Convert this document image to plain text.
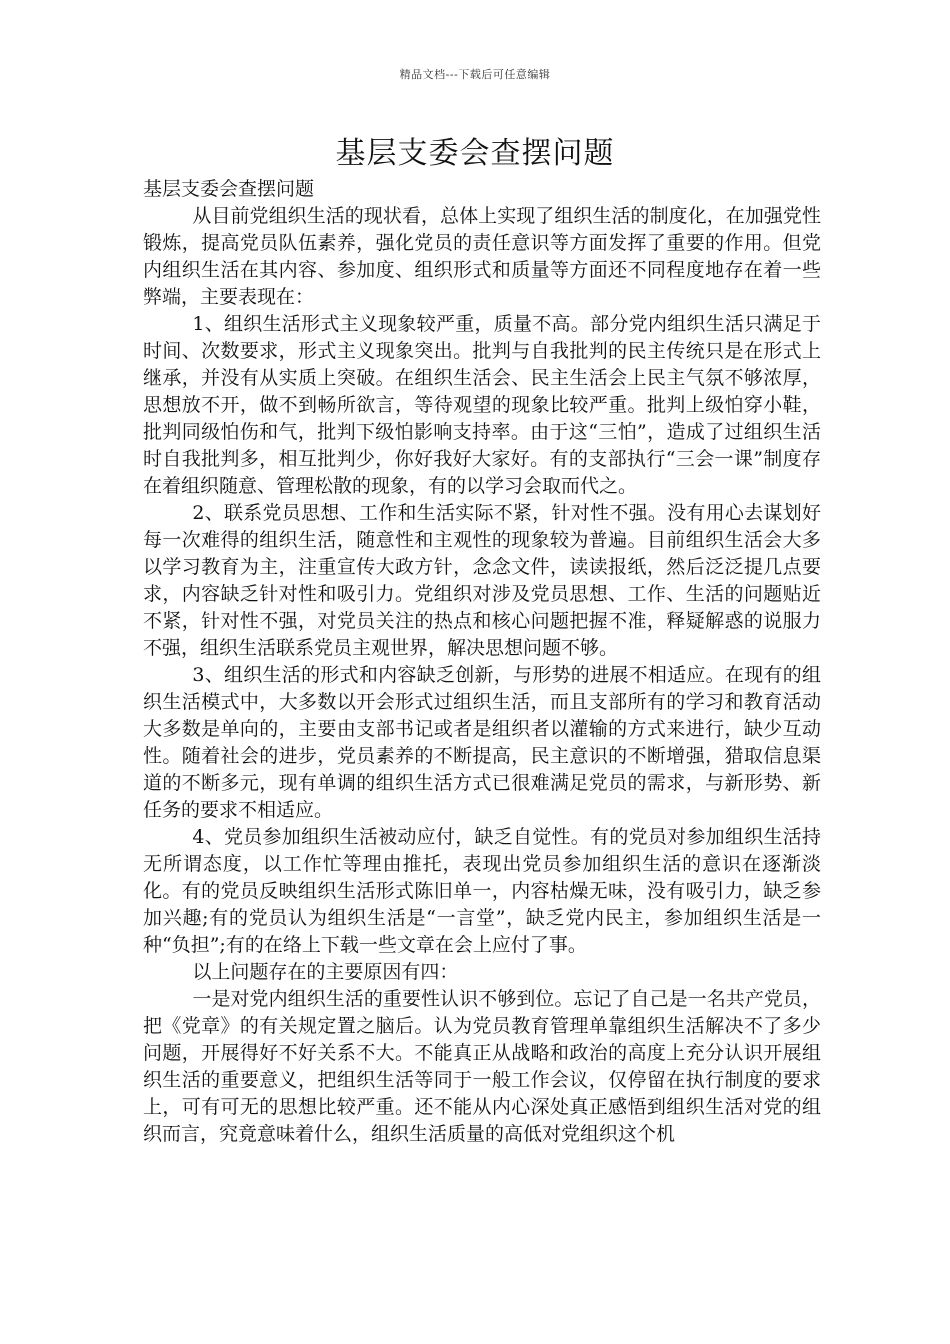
精品文档---下载后可任意编辑
基层支委会查摆问题

基层支委会查摆问题

从目前党组织生活的现状看，总体上实现了组织生活的制度化，在加强党性锻炼，提高党员队伍素养，强化党员的责任意识等方面发挥了重要的作用。但党内组织生活在其内容、参加度、组织形式和质量等方面还不同程度地存在着一些弊端，主要表现在：

1、组织生活形式主义现象较严重，质量不高。部分党内组织生活只满足于时间、次数要求，形式主义现象突出。批判与自我批判的民主传统只是在形式上继承，并没有从实质上突破。在组织生活会、民主生活会上民主气氛不够浓厚，思想放不开，做不到畅所欲言，等待观望的现象比较严重。批判上级怕穿小鞋，批判同级怕伤和气，批判下级怕影响支持率。由于这“三怕”，造成了过组织生活时自我批判多，相互批判少，你好我好大家好。有的支部执行“三会一课”制度存在着组织随意、管理松散的现象，有的以学习会取而代之。

2、联系党员思想、工作和生活实际不紧，针对性不强。没有用心去谋划好每一次难得的组织生活，随意性和主观性的现象较为普遍。目前组织生活会大多以学习教育为主，注重宣传大政方针，念念文件，读读报纸，然后泛泛提几点要求，内容缺乏针对性和吸引力。党组织对涉及党员思想、工作、生活的问题贴近不紧，针对性不强，对党员关注的热点和核心问题把握不准，释疑解惑的说服力不强，组织生活联系党员主观世界，解决思想问题不够。

3、组织生活的形式和内容缺乏创新，与形势的进展不相适应。在现有的组织生活模式中，大多数以开会形式过组织生活，而且支部所有的学习和教育活动大多数是单向的，主要由支部书记或者是组织者以灌输的方式来进行，缺少互动性。随着社会的进步，党员素养的不断提高，民主意识的不断增强，猎取信息渠道的不断多元，现有单调的组织生活方式已很难满足党员的需求，与新形势、新任务的要求不相适应。

4、党员参加组织生活被动应付，缺乏自觉性。有的党员对参加组织生活持无所谓态度，以工作忙等理由推托，表现出党员参加组织生活的意识在逐渐淡化。有的党员反映组织生活形式陈旧单一，内容枯燥无味，没有吸引力，缺乏参加兴趣;有的党员认为组织生活是“一言堂”，缺乏党内民主，参加组织生活是一种“负担”;有的在络上下载一些文章在会上应付了事。

以上问题存在的主要原因有四：

一是对党内组织生活的重要性认识不够到位。忘记了自己是一名共产党员，把《党章》的有关规定置之脑后。认为党员教育管理单靠组织生活解决不了多少问题，开展得好不好关系不大。不能真正从战略和政治的高度上充分认识开展组织生活的重要意义，把组织生活等同于一般工作会议，仅停留在执行制度的要求上，可有可无的思想比较严重。还不能从内心深处真正感悟到组织生活对党的组织而言，究竟意味着什么，组织生活质量的高低对党组织这个机
